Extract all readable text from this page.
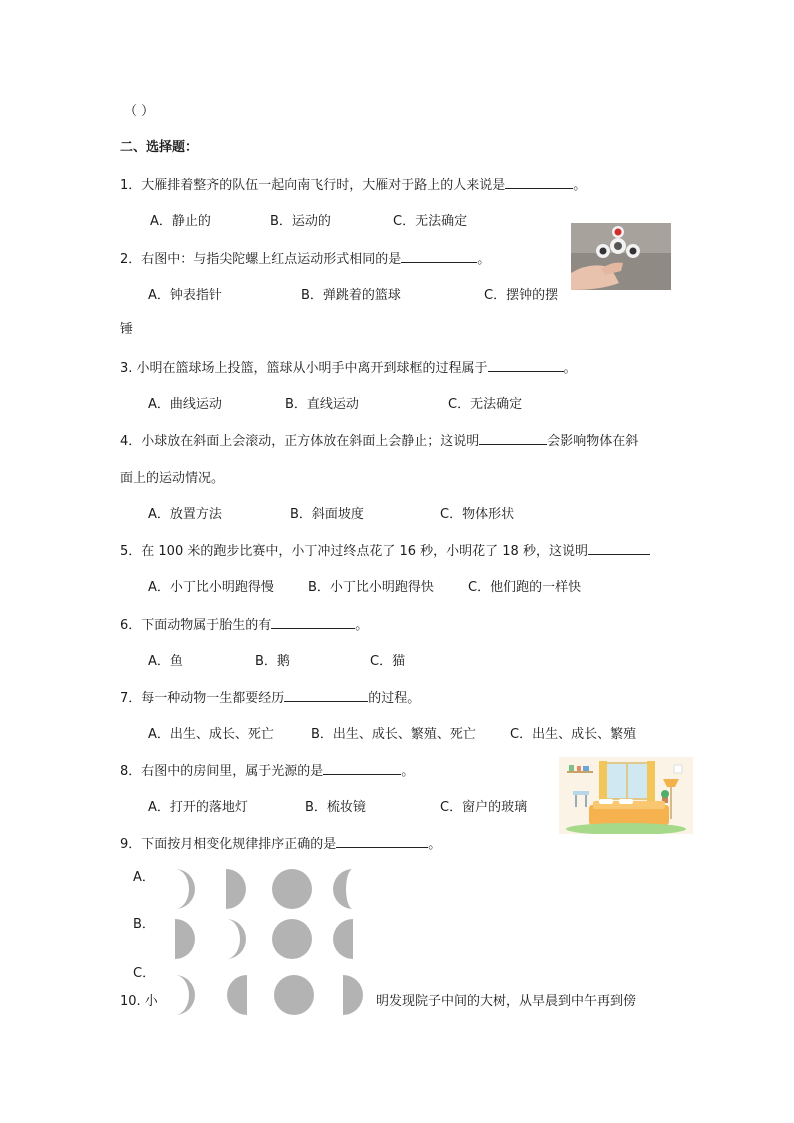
（ ）
二、选择题：
1．大雁排着整齐的队伍一起向南飞行时，大雁对于路上的人来说是	。
A．静止的	B．运动的	C．无法确定
2．右图中：与指尖陀螺上红点运动形式相同的是	。
A．钟表指针	B．弹跳着的篮球	C．摆钟的摆
锤
3. 小明在篮球场上投篮，篮球从小明手中离开到球框的过程属于	。
A．曲线运动	B．直线运动	C．无法确定
4．小球放在斜面上会滚动，正方体放在斜面上会静止；这说明	会影响物体在斜
面上的运动情况。
A．放置方法	B．斜面坡度	C．物体形状
5．在 100 米的跑步比赛中，小丁冲过终点花了 16 秒，小明花了 18 秒，这说明
A．小丁比小明跑得慢	B．小丁比小明跑得快	C．他们跑的一样快
6．下面动物属于胎生的有	。
A．鱼	B．鹅	C．猫
7．每一种动物一生都要经历	的过程。
A．出生、成长、死亡	B．出生、成长、繁殖、死亡	C．出生、成长、繁殖
8．右图中的房间里，属于光源的是	。
A．打开的落地灯	B．梳妆镜	C．窗户的玻璃
9．下面按月相变化规律排序正确的是	。
A．
B．
C．
10. 小	明发现院子中间的大树，从早晨到中午再到傍
